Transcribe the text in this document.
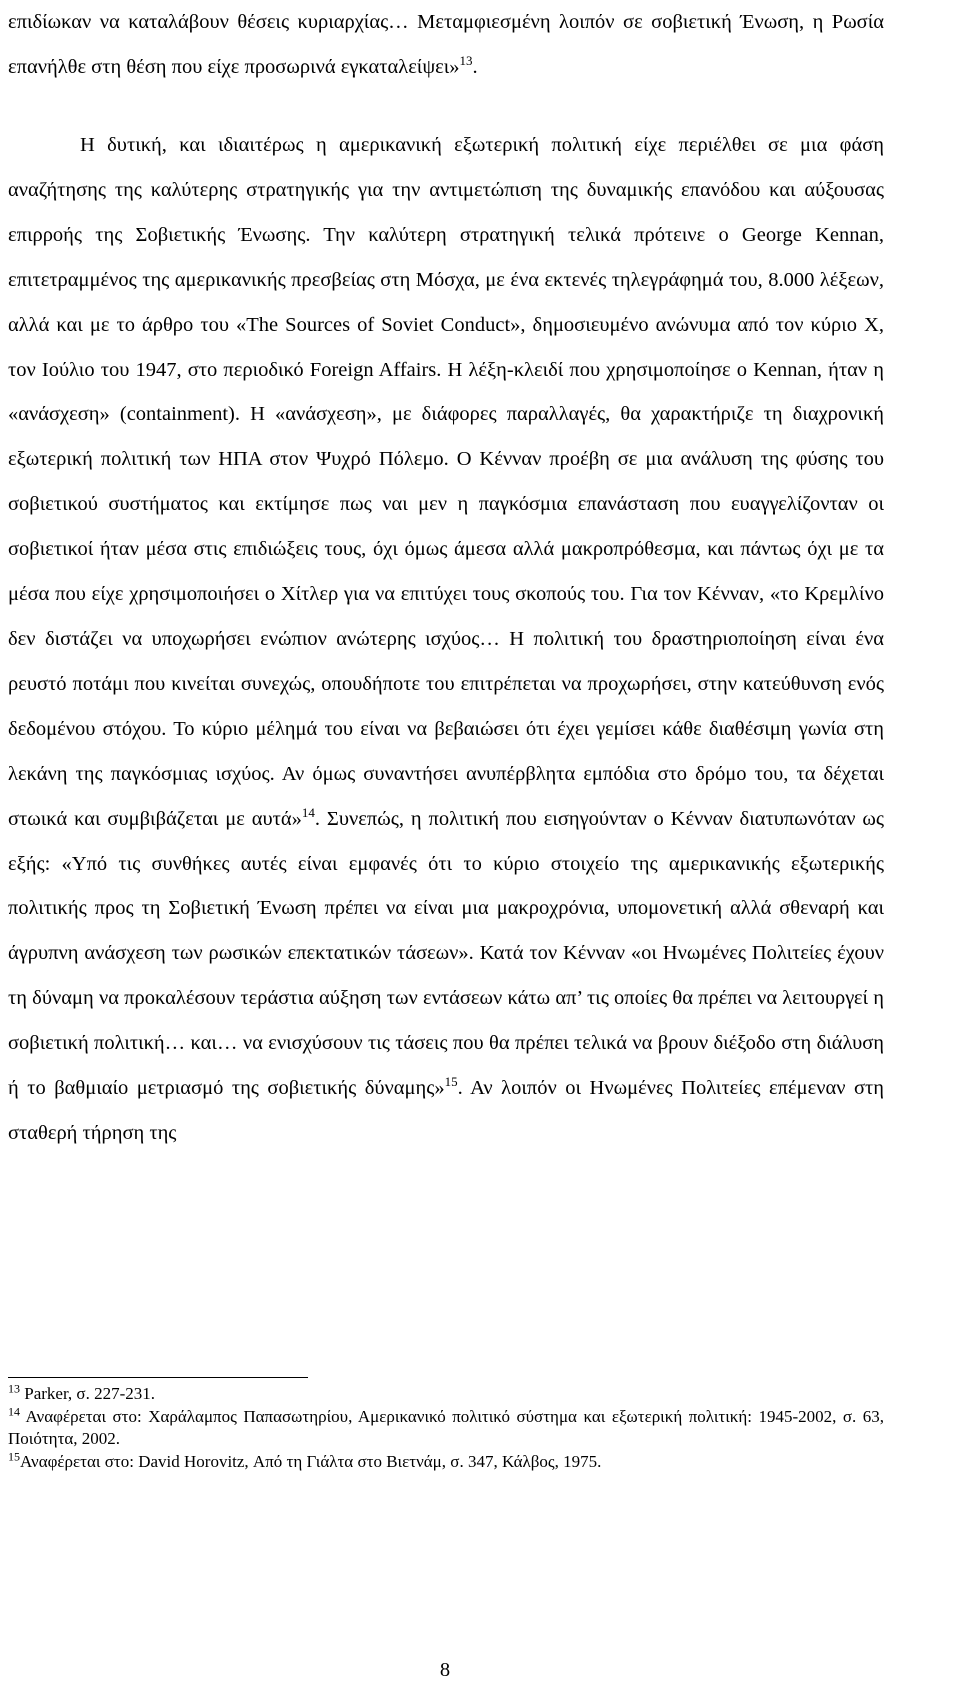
επιδίωκαν να καταλάβουν θέσεις κυριαρχίας… Μεταμφιεσμένη λοιπόν σε σοβιετική Ένωση, η Ρωσία επανήλθε στη θέση που είχε προσωρινά εγκαταλείψει»$^{13}$.

Η δυτική, και ιδιαιτέρως η αμερικανική εξωτερική πολιτική είχε περιέλθει σε μια φάση αναζήτησης της καλύτερης στρατηγικής για την αντιμετώπιση της δυναμικής επανόδου και αύξουσας επιρροής της Σοβιετικής Ένωσης. Την καλύτερη στρατηγική τελικά πρότεινε ο George Kennan, επιτετραμμένος της αμερικανικής πρεσβείας στη Μόσχα, με ένα εκτενές τηλεγράφημά του, 8.000 λέξεων, αλλά και με το άρθρο του «The Sources of Soviet Conduct», δημοσιευμένο ανώνυμα από τον κύριο Χ, τον Ιούλιο του 1947, στο περιοδικό Foreign Affairs. Η λέξη-κλειδί που χρησιμοποίησε ο Kennan, ήταν η «ανάσχεση» (containment). Η «ανάσχεση», με διάφορες παραλλαγές, θα χαρακτήριζε τη διαχρονική εξωτερική πολιτική των ΗΠΑ στον Ψυχρό Πόλεμο. Ο Κένναν προέβη σε μια ανάλυση της φύσης του σοβιετικού συστήματος και εκτίμησε πως ναι μεν η παγκόσμια επανάσταση που ευαγγελίζονταν οι σοβιετικοί ήταν μέσα στις επιδιώξεις τους, όχι όμως άμεσα αλλά μακροπρόθεσμα, και πάντως όχι με τα μέσα που είχε χρησιμοποιήσει ο Χίτλερ για να επιτύχει τους σκοπούς του. Για τον Κένναν, «το Κρεμλίνο δεν διστάζει να υποχωρήσει ενώπιον ανώτερης ισχύος… Η πολιτική του δραστηριοποίηση είναι ένα ρευστό ποτάμι που κινείται συνεχώς, οπουδήποτε του επιτρέπεται να προχωρήσει, στην κατεύθυνση ενός δεδομένου στόχου. Το κύριο μέλημά του είναι να βεβαιώσει ότι έχει γεμίσει κάθε διαθέσιμη γωνία στη λεκάνη της παγκόσμιας ισχύος. Αν όμως συναντήσει ανυπέρβλητα εμπόδια στο δρόμο του, τα δέχεται στωικά και συμβιβάζεται με αυτά»$^{14}$. Συνεπώς, η πολιτική που εισηγούνταν ο Κένναν διατυπωνόταν ως εξής: «Υπό τις συνθήκες αυτές είναι εμφανές ότι το κύριο στοιχείο της αμερικανικής εξωτερικής πολιτικής προς τη Σοβιετική Ένωση πρέπει να είναι μια μακροχρόνια, υπομονετική αλλά σθεναρή και άγρυπνη ανάσχεση των ρωσικών επεκτατικών τάσεων». Κατά τον Κένναν «οι Ηνωμένες Πολιτείες έχουν τη δύναμη να προκαλέσουν τεράστια αύξηση των εντάσεων κάτω απ’ τις οποίες θα πρέπει να λειτουργεί η σοβιετική πολιτική… και… να ενισχύσουν τις τάσεις που θα πρέπει τελικά να βρουν διέξοδο στη διάλυση ή το βαθμιαίο μετριασμό της σοβιετικής δύναμης»$^{15}$. Αν λοιπόν οι Ηνωμένες Πολιτείες επέμεναν στη σταθερή τήρηση της

$^{13}$ Parker, σ. 227-231.

$^{14}$ Αναφέρεται στο: Χαράλαμπος Παπασωτηρίου, Αμερικανικό πολιτικό σύστημα και εξωτερική πολιτική: 1945-2002, σ. 63, Ποιότητα, 2002.

$^{15}$Αναφέρεται στο: David Horovitz, Από τη Γιάλτα στο Βιετνάμ, σ. 347, Κάλβος, 1975.

8
